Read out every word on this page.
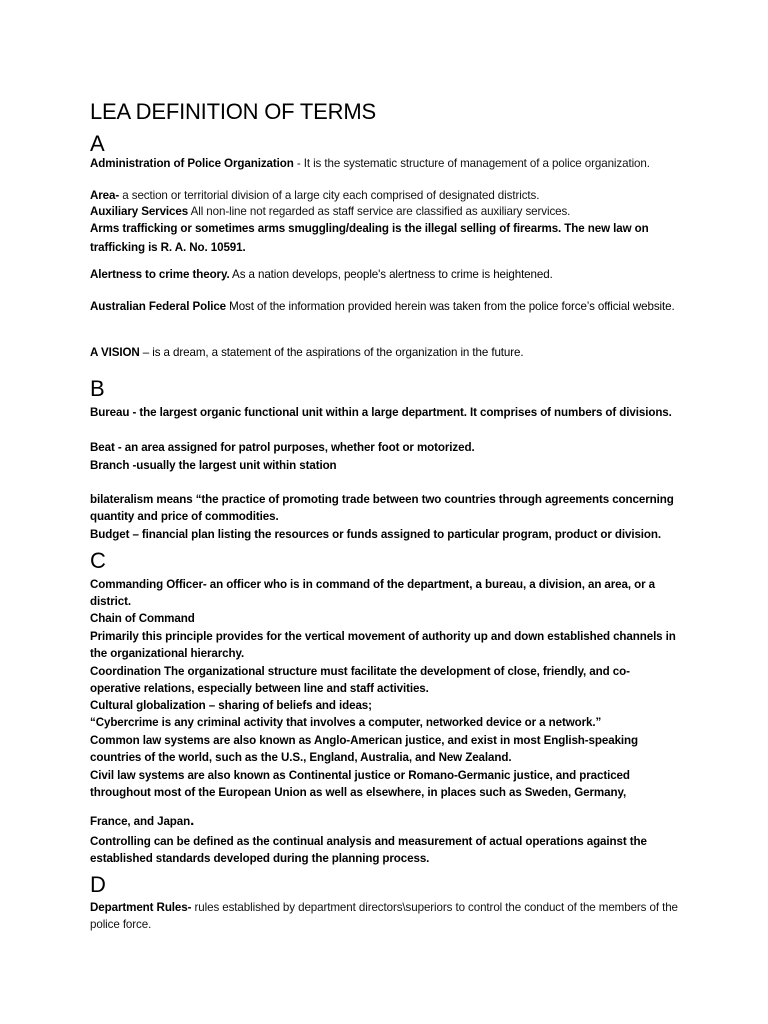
LEA DEFINITION OF TERMS
A
Administration of Police Organization - It is the systematic structure of management of a police organization.
Area- a section or territorial division of a large city each comprised of designated districts.
Auxiliary Services All non-line not regarded as staff service are classified as auxiliary services.
Arms trafficking or sometimes arms smuggling/dealing is the illegal selling of firearms. The new law on trafficking is R. A. No. 10591.
Alertness to crime theory. As a nation develops, people's alertness to crime is heightened.
Australian Federal Police Most of the information provided herein was taken from the police force’s official website.
A VISION – is a dream, a statement of the aspirations of the organization in the future.
B
Bureau - the largest organic functional unit within a large department. It comprises of numbers of divisions.
Beat - an area assigned for patrol purposes, whether foot or motorized.
Branch -usually the largest unit within station
bilateralism means “the practice of promoting trade between two countries through agreements concerning quantity and price of commodities.
Budget – financial plan listing the resources or funds assigned to particular program, product or division.
C
Commanding Officer- an officer who is in command of the department, a bureau, a division, an area, or a district.
Chain of Command
Primarily this principle provides for the vertical movement of authority up and down established channels in the organizational hierarchy.
Coordination The organizational structure must facilitate the development of close, friendly, and co-operative relations, especially between line and staff activities.
Cultural globalization – sharing of beliefs and ideas;
“Cybercrime is any criminal activity that involves a computer, networked device or a network.”
Common law systems are also known as Anglo-American justice, and exist in most English-speaking countries of the world, such as the U.S., England, Australia, and New Zealand.
Civil law systems are also known as Continental justice or Romano-Germanic justice, and practiced throughout most of the European Union as well as elsewhere, in places such as Sweden, Germany,
France, and Japan.
Controlling can be defined as the continual analysis and measurement of actual operations against the established standards developed during the planning process.
D
Department Rules- rules established by department directors\superiors to control the conduct of the members of the police force.
